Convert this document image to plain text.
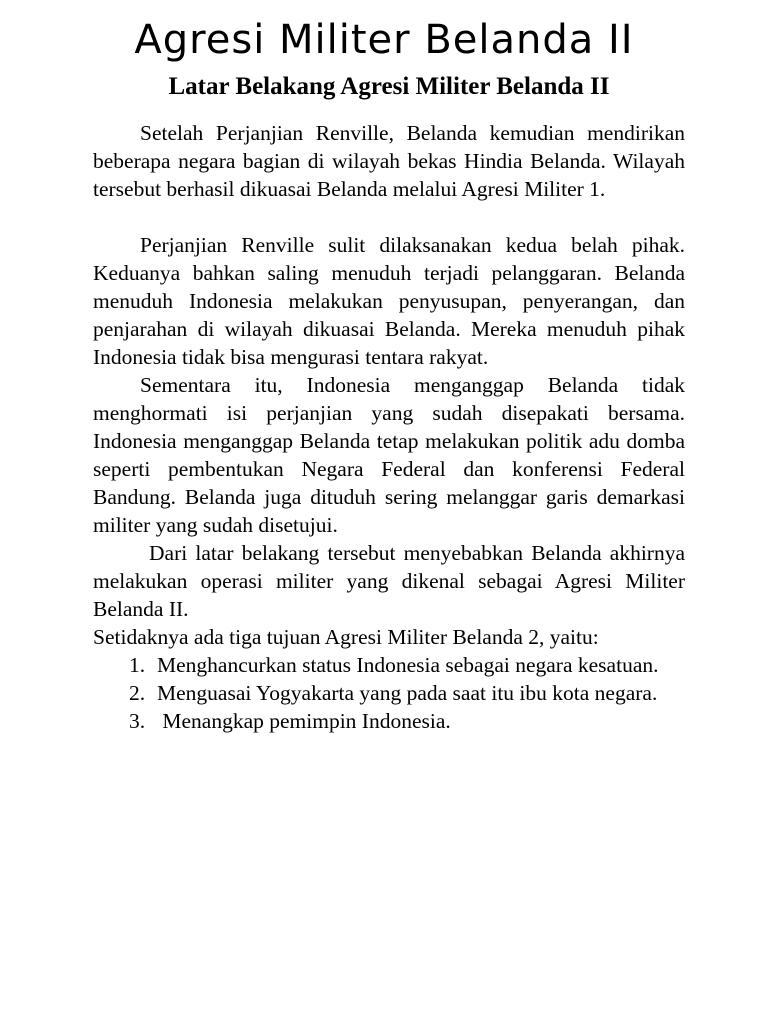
Agresi Militer Belanda II
Latar Belakang Agresi Militer Belanda II

Setelah Perjanjian Renville, Belanda kemudian mendirikan beberapa negara bagian di wilayah bekas Hindia Belanda. Wilayah tersebut berhasil dikuasai Belanda melalui Agresi Militer 1.

Perjanjian Renville sulit dilaksanakan kedua belah pihak. Keduanya bahkan saling menuduh terjadi pelanggaran. Belanda menuduh Indonesia melakukan penyusupan, penyerangan, dan penjarahan di wilayah dikuasai Belanda. Mereka menuduh pihak Indonesia tidak bisa mengurasi tentara rakyat.

Sementara itu, Indonesia menganggap Belanda tidak menghormati isi perjanjian yang sudah disepakati bersama. Indonesia menganggap Belanda tetap melakukan politik adu domba seperti pembentukan Negara Federal dan konferensi Federal Bandung. Belanda juga dituduh sering melanggar garis demarkasi militer yang sudah disetujui.

Dari latar belakang tersebut menyebabkan Belanda akhirnya melakukan operasi militer yang dikenal sebagai Agresi Militer Belanda II.

Setidaknya ada tiga tujuan Agresi Militer Belanda 2, yaitu:

1. Menghancurkan status Indonesia sebagai negara kesatuan.
2. Menguasai Yogyakarta yang pada saat itu ibu kota negara.
3. Menangkap pemimpin Indonesia.
